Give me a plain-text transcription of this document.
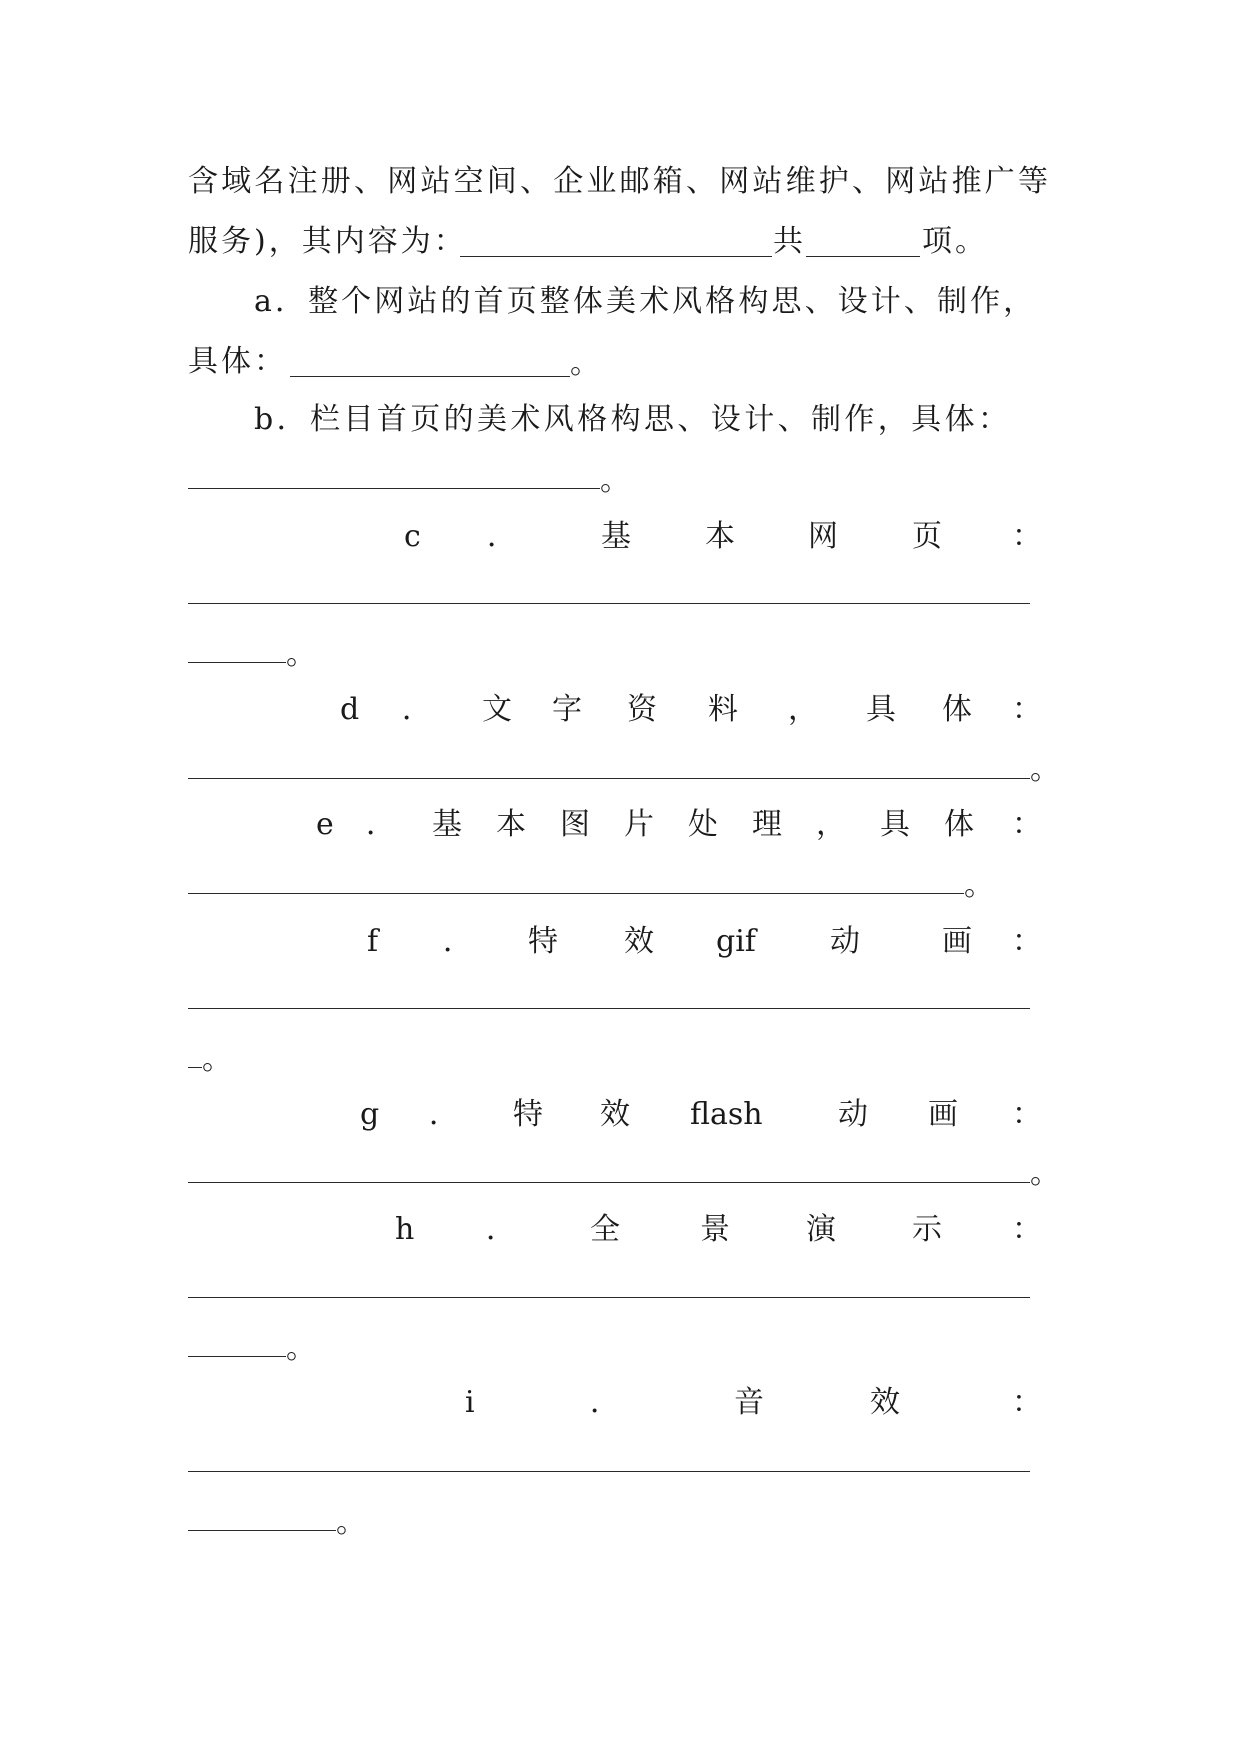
含域名注册、网站空间、企业邮箱、网站维护、网站推广等
服务)，其内容为：	共	项。
a．整个网站的首页整体美术风格构思、设计、制作，
具体：	。
b．栏目首页的美术风格构思、设计、制作，具体：
。
c ．	基 本 网 页 ：
。
d ． 文 字 资 料 ， 具 体 ：
。
e ． 基 本 图 片 处 理 ， 具 体 ：
。
f ． 特 效 gif 动	画 ：
。
g ． 特 效 flash	动 画 ：
。
h ． 全	景	演	示 ：
。
i	．	音	效	：
。
